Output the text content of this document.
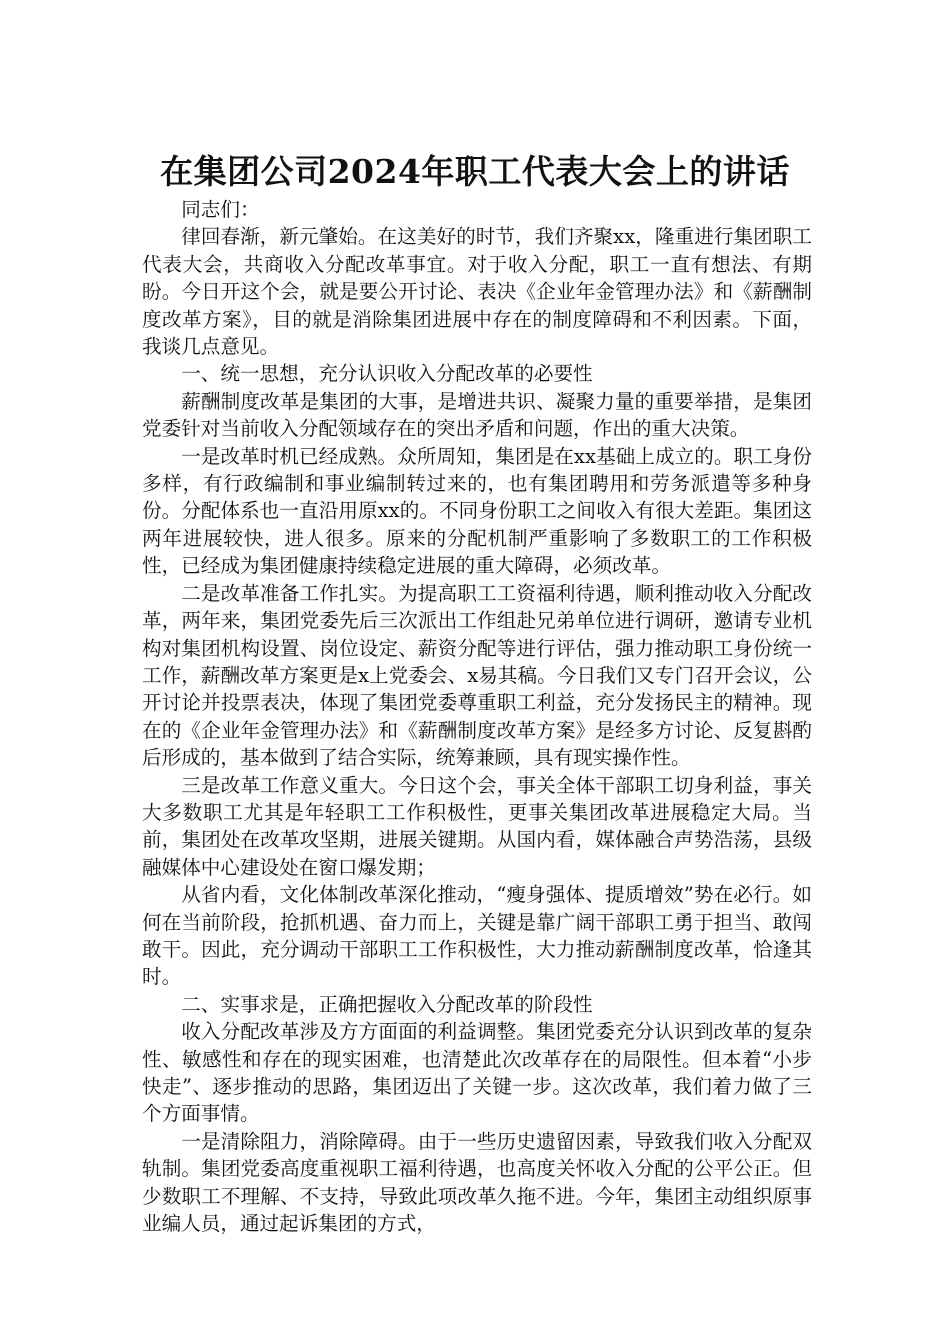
在集团公司2024年职工代表大会上的讲话

同志们：

律回春渐，新元肇始。在这美好的时节，我们齐聚xx，隆重进行集团职工代表大会，共商收入分配改革事宜。对于收入分配，职工一直有想法、有期盼。今日开这个会，就是要公开讨论、表决《企业年金管理办法》和《薪酬制度改革方案》，目的就是消除集团进展中存在的制度障碍和不利因素。下面，我谈几点意见。

一、统一思想，充分认识收入分配改革的必要性

薪酬制度改革是集团的大事，是增进共识、凝聚力量的重要举措，是集团党委针对当前收入分配领域存在的突出矛盾和问题，作出的重大决策。

一是改革时机已经成熟。众所周知，集团是在xx基础上成立的。职工身份多样，有行政编制和事业编制转过来的，也有集团聘用和劳务派遣等多种身份。分配体系也一直沿用原xx的。不同身份职工之间收入有很大差距。集团这两年进展较快，进人很多。原来的分配机制严重影响了多数职工的工作积极性，已经成为集团健康持续稳定进展的重大障碍，必须改革。

二是改革准备工作扎实。为提高职工工资福利待遇，顺利推动收入分配改革，两年来，集团党委先后三次派出工作组赴兄弟单位进行调研，邀请专业机构对集团机构设置、岗位设定、薪资分配等进行评估，强力推动职工身份统一工作，薪酬改革方案更是x上党委会、x易其稿。今日我们又专门召开会议，公开讨论并投票表决，体现了集团党委尊重职工利益，充分发扬民主的精神。现在的《企业年金管理办法》和《薪酬制度改革方案》是经多方讨论、反复斟酌后形成的，基本做到了结合实际，统筹兼顾，具有现实操作性。

三是改革工作意义重大。今日这个会，事关全体干部职工切身利益，事关大多数职工尤其是年轻职工工作积极性，更事关集团改革进展稳定大局。当前，集团处在改革攻坚期，进展关键期。从国内看，媒体融合声势浩荡，县级融媒体中心建设处在窗口爆发期；

从省内看，文化体制改革深化推动，“瘦身强体、提质增效”势在必行。如何在当前阶段，抢抓机遇、奋力而上，关键是靠广阔干部职工勇于担当、敢闯敢干。因此，充分调动干部职工工作积极性，大力推动薪酬制度改革，恰逢其时。

二、实事求是，正确把握收入分配改革的阶段性

收入分配改革涉及方方面面的利益调整。集团党委充分认识到改革的复杂性、敏感性和存在的现实困难，也清楚此次改革存在的局限性。但本着“小步快走”、逐步推动的思路，集团迈出了关键一步。这次改革，我们着力做了三个方面事情。

一是清除阻力，消除障碍。由于一些历史遗留因素，导致我们收入分配双轨制。集团党委高度重视职工福利待遇，也高度关怀收入分配的公平公正。但少数职工不理解、不支持，导致此项改革久拖不进。今年，集团主动组织原事业编人员，通过起诉集团的方式，
